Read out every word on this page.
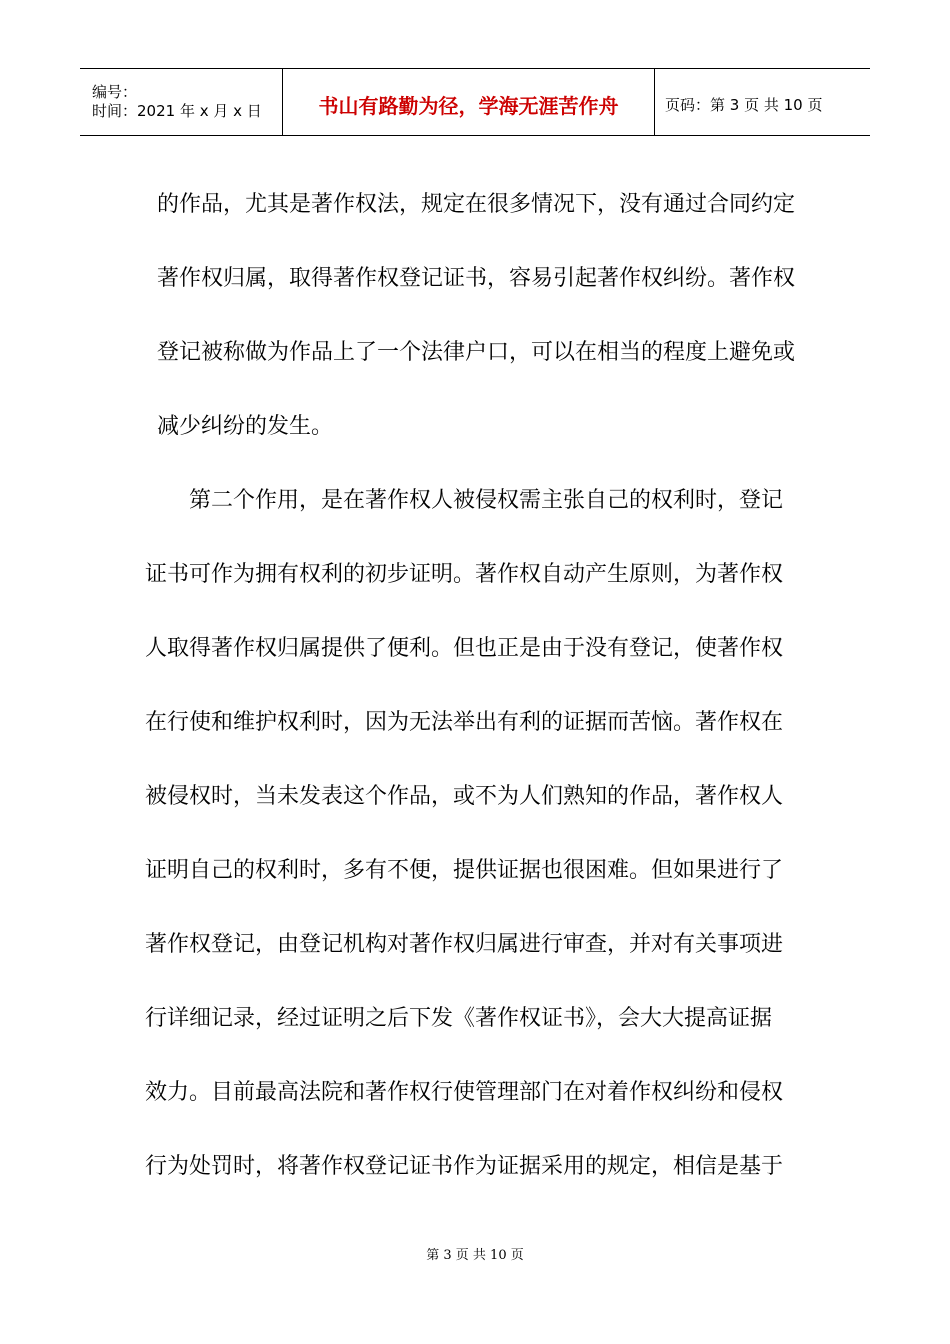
编号：
时间：2021 年 x 月 x 日	书山有路勤为径，学海无涯苦作舟	页码：第 3 页 共 10 页

的作品，尤其是著作权法，规定在很多情况下，没有通过合同约定
著作权归属，取得著作权登记证书，容易引起著作权纠纷。著作权
登记被称做为作品上了一个法律户口，可以在相当的程度上避免或
减少纠纷的发生。

第二个作用，是在著作权人被侵权需主张自己的权利时，登记
证书可作为拥有权利的初步证明。著作权自动产生原则，为著作权
人取得著作权归属提供了便利。但也正是由于没有登记，使著作权
在行使和维护权利时，因为无法举出有利的证据而苦恼。著作权在
被侵权时，当未发表这个作品，或不为人们熟知的作品，著作权人
证明自己的权利时，多有不便，提供证据也很困难。但如果进行了
著作权登记，由登记机构对著作权归属进行审查，并对有关事项进
行详细记录，经过证明之后下发《著作权证书》，会大大提高证据
效力。目前最高法院和著作权行使管理部门在对着作权纠纷和侵权
行为处罚时，将著作权登记证书作为证据采用的规定，相信是基于

第 3 页 共 10 页
